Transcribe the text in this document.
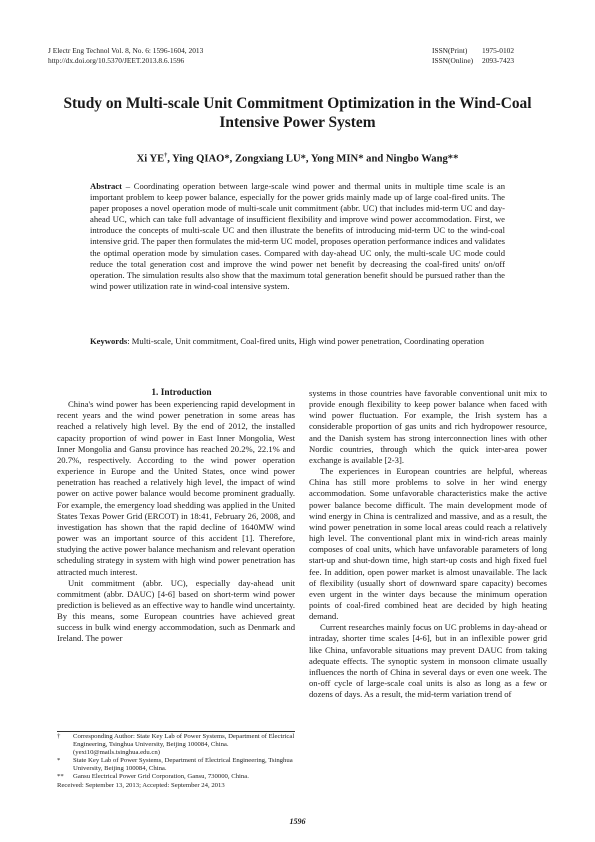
J Electr Eng Technol Vol. 8, No. 6: 1596-1604, 2013
http://dx.doi.org/10.5370/JEET.2013.8.6.1596
ISSN(Print)	1975-0102
ISSN(Online)	2093-7423
Study on Multi-scale Unit Commitment Optimization in the Wind-Coal Intensive Power System
Xi YE†, Ying QIAO*, Zongxiang LU*, Yong MIN* and Ningbo Wang**
Abstract – Coordinating operation between large-scale wind power and thermal units in multiple time scale is an important problem to keep power balance, especially for the power grids mainly made up of large coal-fired units. The paper proposes a novel operation mode of multi-scale unit commitment (abbr. UC) that includes mid-term UC and day-ahead UC, which can take full advantage of insufficient flexibility and improve wind power accommodation. First, we introduce the concepts of multi-scale UC and then illustrate the benefits of introducing mid-term UC to the wind-coal intensive grid. The paper then formulates the mid-term UC model, proposes operation performance indices and validates the optimal operation mode by simulation cases. Compared with day-ahead UC only, the multi-scale UC mode could reduce the total generation cost and improve the wind power net benefit by decreasing the coal-fired units' on/off operation. The simulation results also show that the maximum total generation benefit should be pursued rather than the wind power utilization rate in wind-coal intensive system.
Keywords: Multi-scale, Unit commitment, Coal-fired units, High wind power penetration, Coordinating operation

1. Introduction

China's wind power has been experiencing rapid development in recent years and the wind power penetration in some areas has reached a relatively high level. By the end of 2012, the installed capacity proportion of wind power in East Inner Mongolia, West Inner Mongolia and Gansu province has reached 20.2%, 22.1% and 20.7%, respectively. According to the wind power operation experience in Europe and the United States, once wind power penetration has reached a relatively high level, the impact of wind power on active power balance would become prominent gradually. For example, the emergency load shedding was applied in the United States Texas Power Grid (ERCOT) in 18:41, February 26, 2008, and investigation has shown that the rapid decline of 1640MW wind power was an important source of this accident [1]. Therefore, studying the active power balance mechanism and relevant operation scheduling strategy in system with high wind power penetration has attracted much interest.

Unit commitment (abbr. UC), especially day-ahead unit commitment (abbr. DAUC) [4-6] based on short-term wind power prediction is believed as an effective way to handle wind uncertainty. By this means, some European countries have achieved great success in bulk wind energy accommodation, such as Denmark and Ireland. The power

systems in those countries have favorable conventional unit mix to provide enough flexibility to keep power balance when faced with wind power fluctuation. For example, the Irish system has a considerable proportion of gas units and rich hydropower resource, and the Danish system has strong interconnection lines with other Nordic countries, through which the quick inter-area power exchange is available [2-3].

The experiences in European countries are helpful, whereas China has still more problems to solve in her wind energy accommodation. Some unfavorable characteristics make the active power balance become difficult. The main development mode of wind energy in China is centralized and massive, and as a result, the wind power penetration in some local areas could reach a relatively high level. The conventional plant mix in wind-rich areas mainly composes of coal units, which have unfavorable parameters of long start-up and shut-down time, high start-up costs and high fixed fuel fee. In addition, open power market is almost unavailable. The lack of flexibility (usually short of downward spare capacity) becomes even urgent in the winter days because the minimum operation points of coal-fired combined heat are decided by high heating demand.

Current researches mainly focus on UC problems in day-ahead or intraday, shorter time scales [4-6], but in an inflexible power grid like China, unfavorable situations may prevent DAUC from taking adequate effects. The synoptic system in monsoon climate usually influences the north of China in several days or even one week. The on-off cycle of large-scale coal units is also as long as a few or dozens of days. As a result, the mid-term variation trend of

†	Corresponding Author: State Key Lab of Power Systems, Department of Electrical Engineering, Tsinghua University, Beijing 100084, China. (yexi10@mails.tsinghua.edu.cn)
*	State Key Lab of Power Systems, Department of Electrical Engineering, Tsinghua University, Beijing 100084, China.
**	Gansu Electrical Power Grid Corporation, Gansu, 730000, China.
Received: September 13, 2013; Accepted: September 24, 2013
1596
